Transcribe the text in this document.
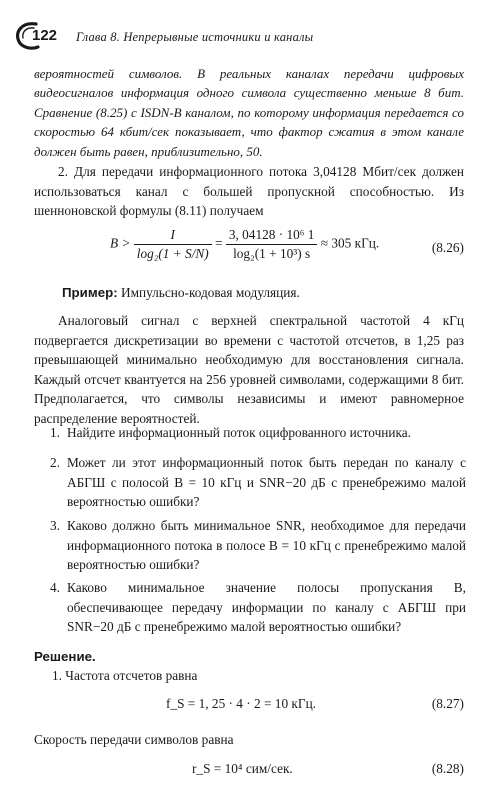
122 Глава 8. Непрерывные источники и каналы
вероятностей символов. В реальных каналах передачи цифровых видеосигналов информация одного символа существенно меньше 8 бит. Сравнение (8.25) с ISDN-B каналом, по которому информация передается со скоростью 64 кбит/сек показывает, что фактор сжатия в этом канале должен быть равен, приблизительно, 50.
2. Для передачи информационного потока 3,04128 Мбит/сек должен использоваться канал с большей пропускной способностью. Из шенноновской формулы (8.11) получаем
$B > \frac{I}{\text{log₂(1 + S/N)}} = \frac{\text{3, 04128 · 10⁶ 1}}{\text{log₂(1 + 10³) s}} \approx 305$ кГц.	(8.26)
Пример: Импульсно-кодовая модуляция.
Аналоговый сигнал с верхней спектральной частотой 4 кГц подвергается дискретизации во времени с частотой отсчетов, в 1,25 раз превышающей минимально необходимую для восстановления сигнала. Каждый отсчет квантуется на 256 уровней символами, содержащими 8 бит. Предполагается, что символы независимы и имеют равномерное распределение вероятностей.
1. Найдите информационный поток оцифрованного источника.
2. Может ли этот информационный поток быть передан по каналу с АБГШ с полосой B = 10 кГц и SNR−20 дБ с пренебрежимо малой вероятностью ошибки?
3. Каково должно быть минимальное SNR, необходимое для передачи информационного потока в полосе B = 10 кГц с пренебрежимо малой вероятностью ошибки?
4. Каково минимальное значение полосы пропускания B, обеспечивающее передачу информации по каналу с АБГШ при SNR−20 дБ с пренебрежимо малой вероятностью ошибки?
Решение.
1. Частота отсчетов равна
f_S = 1, 25 · 4 · 2 = 10 кГц.	(8.27)
Скорость передачи символов равна
r_S = 10⁴ сим/сек.	(8.28)
